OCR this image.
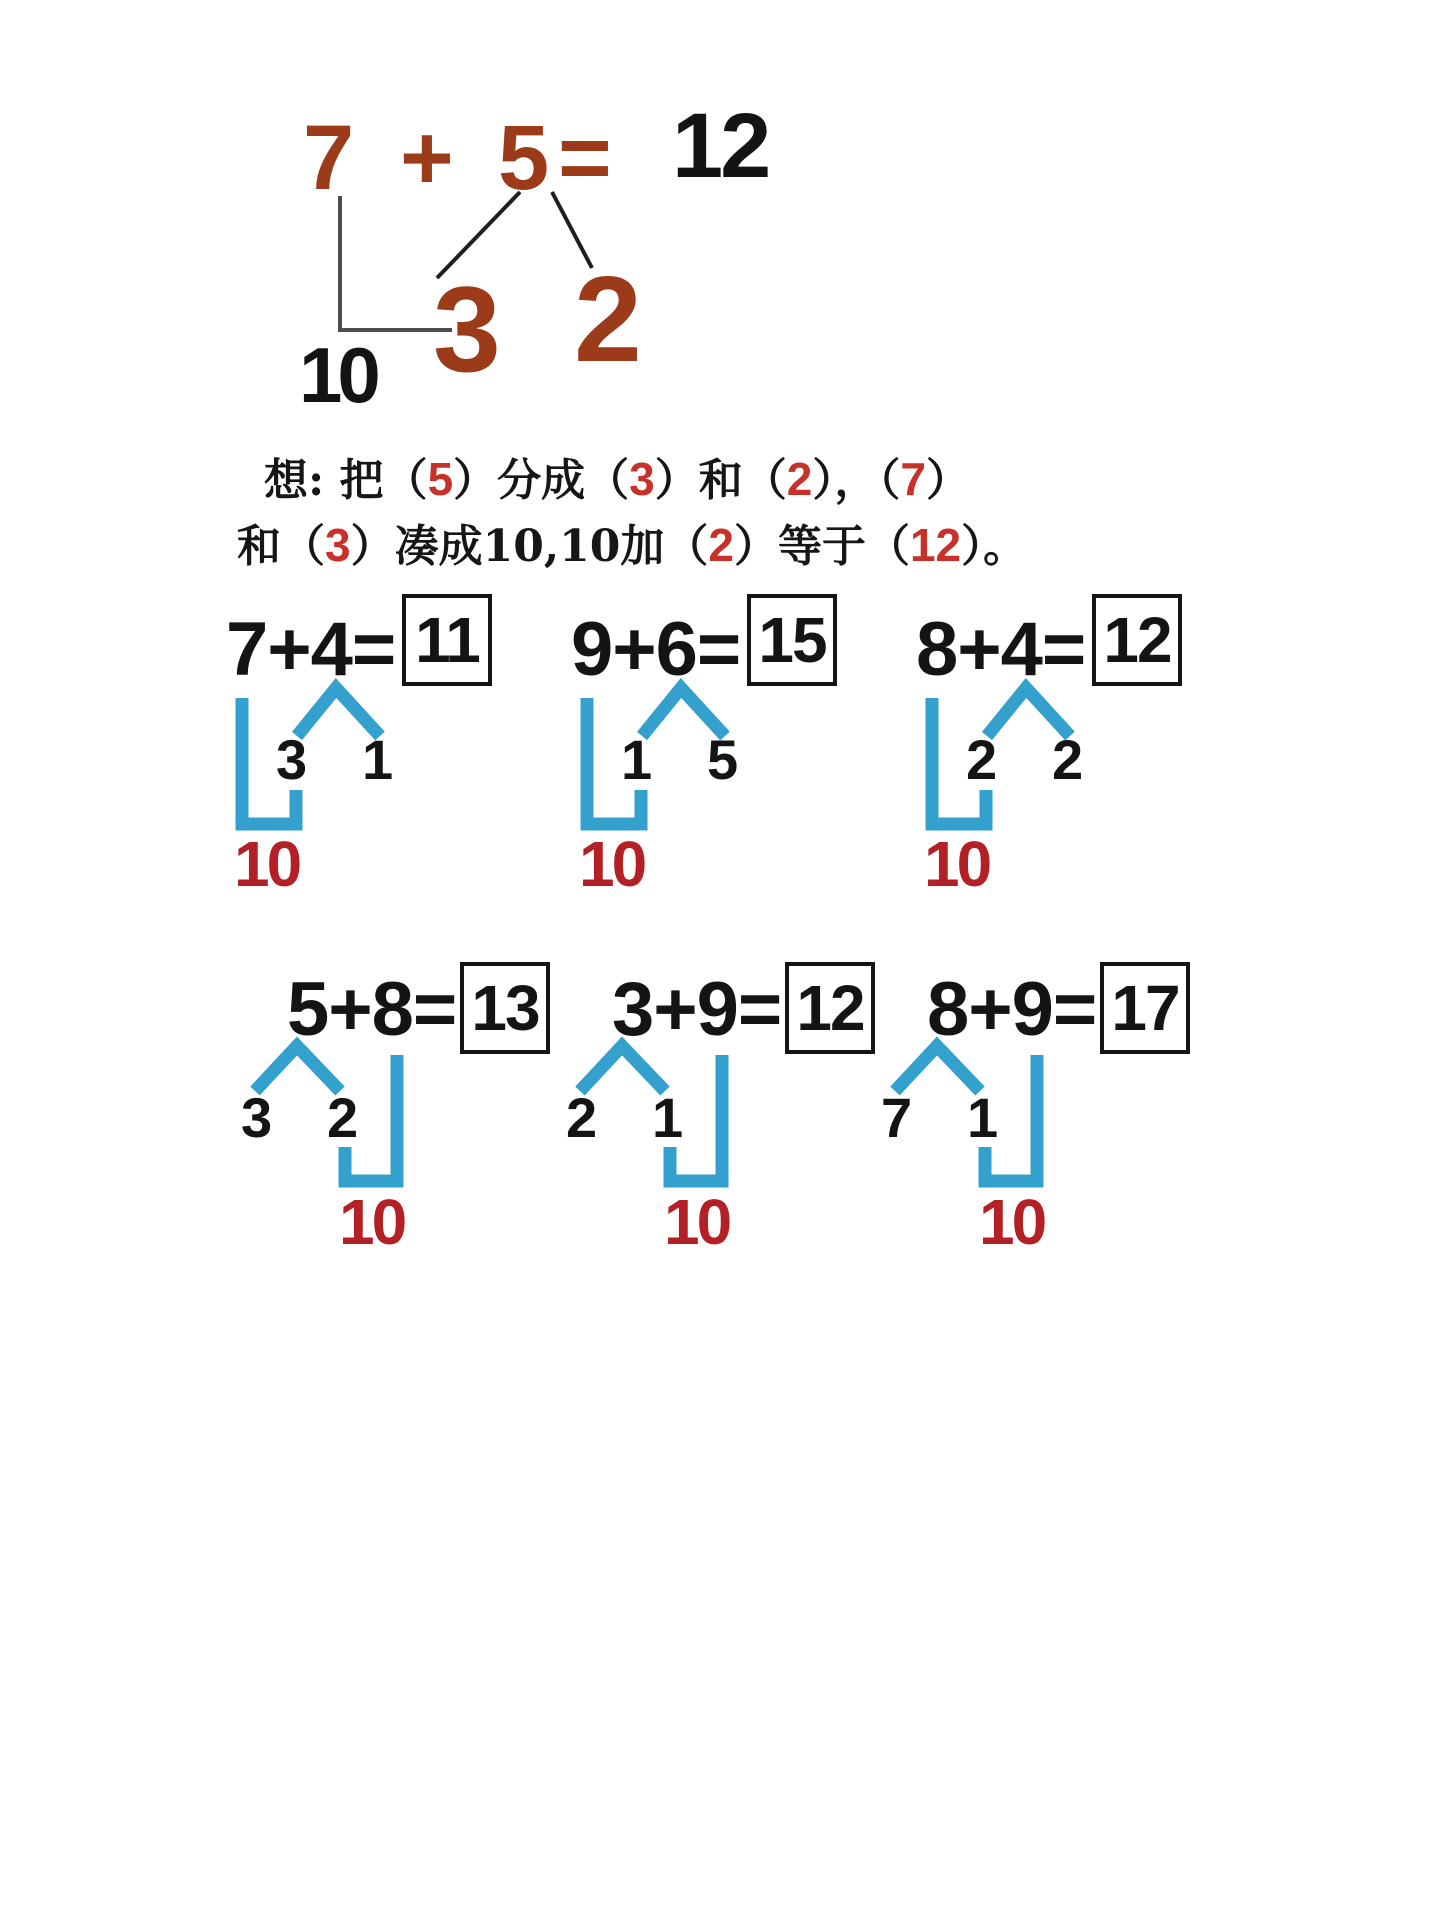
7 + 5 = 12
3 2
10
想: 把（5）分成（3）和（2），（7）
和（3）凑成10,10加（2）等于（12）。
7+4= 11
3 1
10
9+6= 15
1 5
10
8+4= 12
2 2
10
5+8= 13
3 2
10
3+9= 12
2 1
10
8+9= 17
7 1
10
